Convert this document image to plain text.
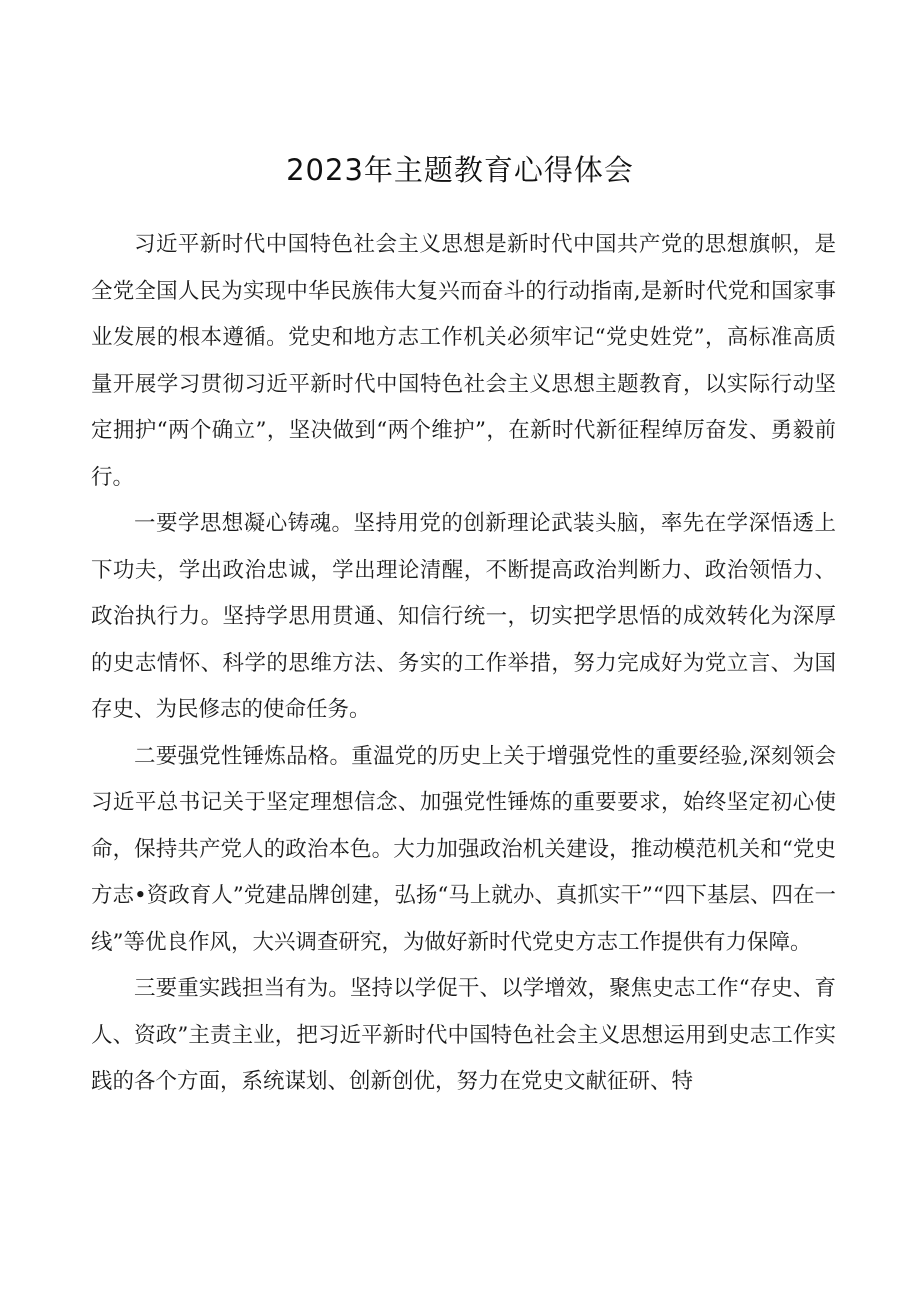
2023年主题教育心得体会

习近平新时代中国特色社会主义思想是新时代中国共产党的思想旗帜，是全党全国人民为实现中华民族伟大复兴而奋斗的行动指南,是新时代党和国家事业发展的根本遵循。党史和地方志工作机关必须牢记“党史姓党”，高标准高质量开展学习贯彻习近平新时代中国特色社会主义思想主题教育，以实际行动坚定拥护“两个确立”，坚决做到“两个维护”，在新时代新征程绰厉奋发、勇毅前行。

一要学思想凝心铸魂。坚持用党的创新理论武装头脑，率先在学深悟透上下功夫，学出政治忠诚，学出理论清醒，不断提高政治判断力、政治领悟力、政治执行力。坚持学思用贯通、知信行统一，切实把学思悟的成效转化为深厚的史志情怀、科学的思维方法、务实的工作举措，努力完成好为党立言、为国存史、为民修志的使命任务。

二要强党性锤炼品格。重温党的历史上关于增强党性的重要经验,深刻领会习近平总书记关于坚定理想信念、加强党性锤炼的重要要求，始终坚定初心使命，保持共产党人的政治本色。大力加强政治机关建设，推动模范机关和“党史方志•资政育人”党建品牌创建，弘扬“马上就办、真抓实干”“四下基层、四在一线”等优良作风，大兴调查研究，为做好新时代党史方志工作提供有力保障。

三要重实践担当有为。坚持以学促干、以学增效，聚焦史志工作“存史、育人、资政”主责主业，把习近平新时代中国特色社会主义思想运用到史志工作实践的各个方面，系统谋划、创新创优，努力在党史文献征研、特
